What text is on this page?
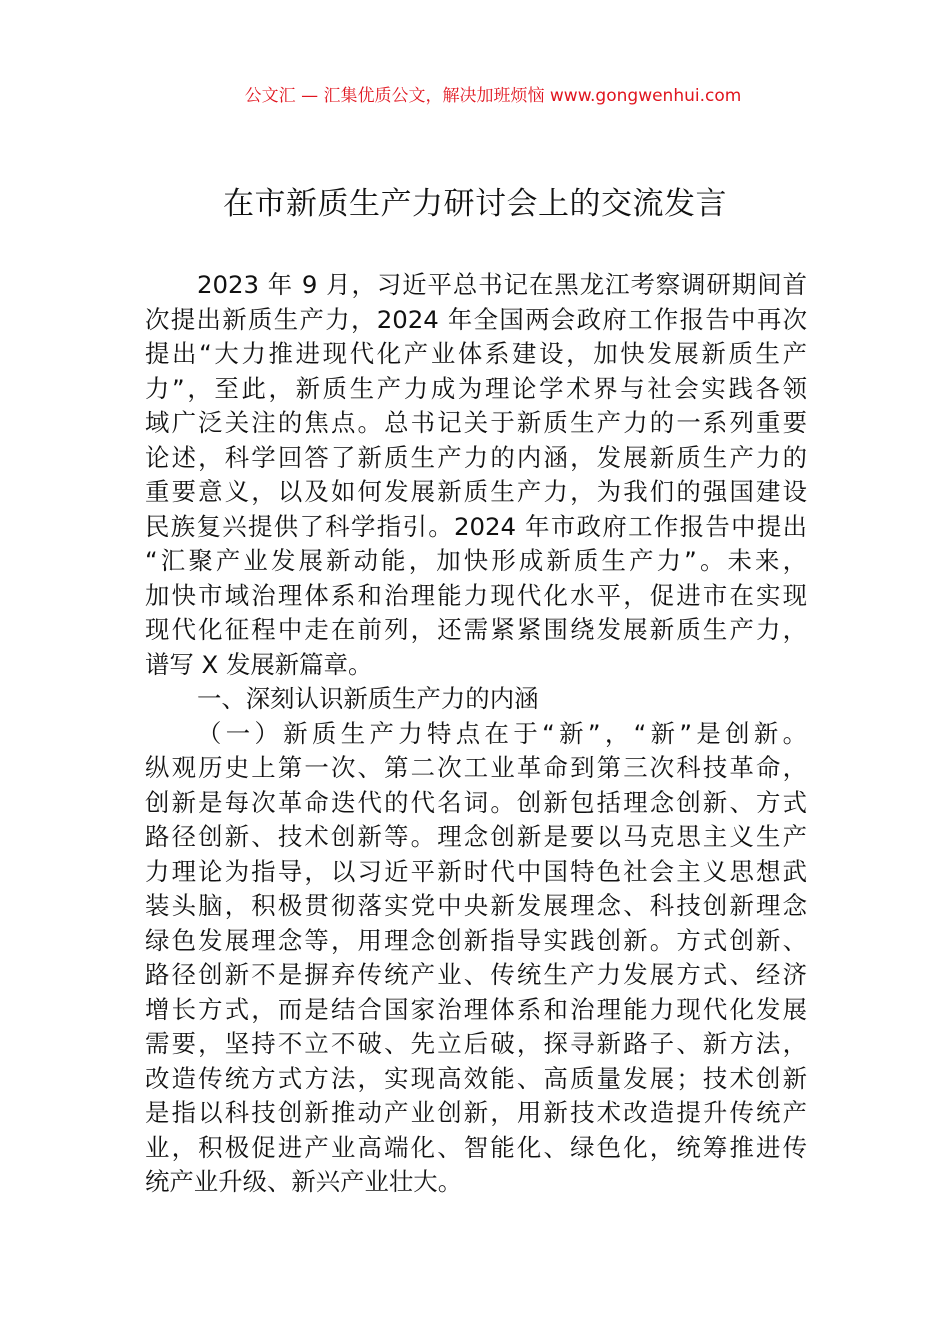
公文汇 — 汇集优质公文，解决加班烦恼 www.gongwenhui.com
在市新质生产力研讨会上的交流发言
2023 年 9 月，习近平总书记在黑龙江考察调研期间首
次提出新质生产力，2024 年全国两会政府工作报告中再次
提出“大力推进现代化产业体系建设，加快发展新质生产
力”，至此，新质生产力成为理论学术界与社会实践各领
域广泛关注的焦点。总书记关于新质生产力的一系列重要
论述，科学回答了新质生产力的内涵，发展新质生产力的
重要意义，以及如何发展新质生产力，为我们的强国建设
民族复兴提供了科学指引。2024 年市政府工作报告中提出
“汇聚产业发展新动能，加快形成新质生产力”。未来，
加快市域治理体系和治理能力现代化水平，促进市在实现
现代化征程中走在前列，还需紧紧围绕发展新质生产力，
谱写 X 发展新篇章。
一、深刻认识新质生产力的内涵
（一）新质生产力特点在于“新”，“新”是创新。
纵观历史上第一次、第二次工业革命到第三次科技革命，
创新是每次革命迭代的代名词。创新包括理念创新、方式
路径创新、技术创新等。理念创新是要以马克思主义生产
力理论为指导，以习近平新时代中国特色社会主义思想武
装头脑，积极贯彻落实党中央新发展理念、科技创新理念
绿色发展理念等，用理念创新指导实践创新。方式创新、
路径创新不是摒弃传统产业、传统生产力发展方式、经济
增长方式，而是结合国家治理体系和治理能力现代化发展
需要，坚持不立不破、先立后破，探寻新路子、新方法，
改造传统方式方法，实现高效能、高质量发展；技术创新
是指以科技创新推动产业创新，用新技术改造提升传统产
业，积极促进产业高端化、智能化、绿色化，统筹推进传
统产业升级、新兴产业壮大。
